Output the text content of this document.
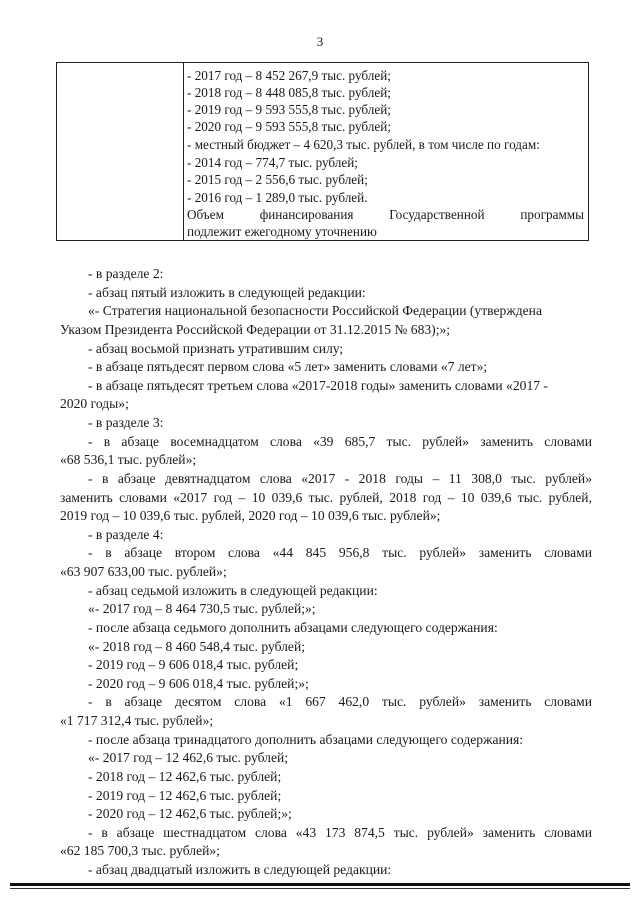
3
- 2017 год – 8 452 267,9 тыс. рублей;
- 2018 год – 8 448 085,8 тыс. рублей;
- 2019 год – 9 593 555,8 тыс. рублей;
- 2020 год – 9 593 555,8 тыс. рублей;
- местный бюджет – 4 620,3 тыс. рублей, в том числе по годам:
- 2014 год – 774,7 тыс. рублей;
- 2015 год – 2 556,6 тыс. рублей;
- 2016 год – 1 289,0 тыс. рублей.
Объем финансирования Государственной программы
подлежит ежегодному уточнению
- в разделе 2:
- абзац пятый изложить в следующей редакции:
«- Стратегия национальной безопасности Российской Федерации (утверждена
Указом Президента Российской Федерации от 31.12.2015 № 683);»;
- абзац восьмой признать утратившим силу;
- в абзаце пятьдесят первом слова «5 лет» заменить словами «7 лет»;
- в абзаце пятьдесят третьем слова «2017-2018 годы» заменить словами «2017 -
2020 годы»;
- в разделе 3:
- в абзаце восемнадцатом слова «39 685,7 тыс. рублей» заменить словами
«68 536,1 тыс. рублей»;
- в абзаце девятнадцатом слова «2017 - 2018 годы – 11 308,0 тыс. рублей»
заменить словами «2017 год – 10 039,6 тыс. рублей, 2018 год – 10 039,6 тыс. рублей,
2019 год – 10 039,6 тыс. рублей, 2020 год – 10 039,6 тыс. рублей»;
- в разделе 4:
- в абзаце втором слова «44 845 956,8 тыс. рублей» заменить словами
«63 907 633,00 тыс. рублей»;
- абзац седьмой изложить в следующей редакции:
«- 2017 год – 8 464 730,5 тыс. рублей;»;
- после абзаца седьмого дополнить абзацами следующего содержания:
«- 2018 год – 8 460 548,4 тыс. рублей;
- 2019 год – 9 606 018,4 тыс. рублей;
- 2020 год – 9 606 018,4 тыс. рублей;»;
- в абзаце десятом слова «1 667 462,0 тыс. рублей» заменить словами
«1 717 312,4 тыс. рублей»;
- после абзаца тринадцатого дополнить абзацами следующего содержания:
«- 2017 год – 12 462,6 тыс. рублей;
- 2018 год – 12 462,6 тыс. рублей;
- 2019 год – 12 462,6 тыс. рублей;
- 2020 год – 12 462,6 тыс. рублей;»;
- в абзаце шестнадцатом слова «43 173 874,5 тыс. рублей» заменить словами
«62 185 700,3 тыс. рублей»;
- абзац двадцатый изложить в следующей редакции:
